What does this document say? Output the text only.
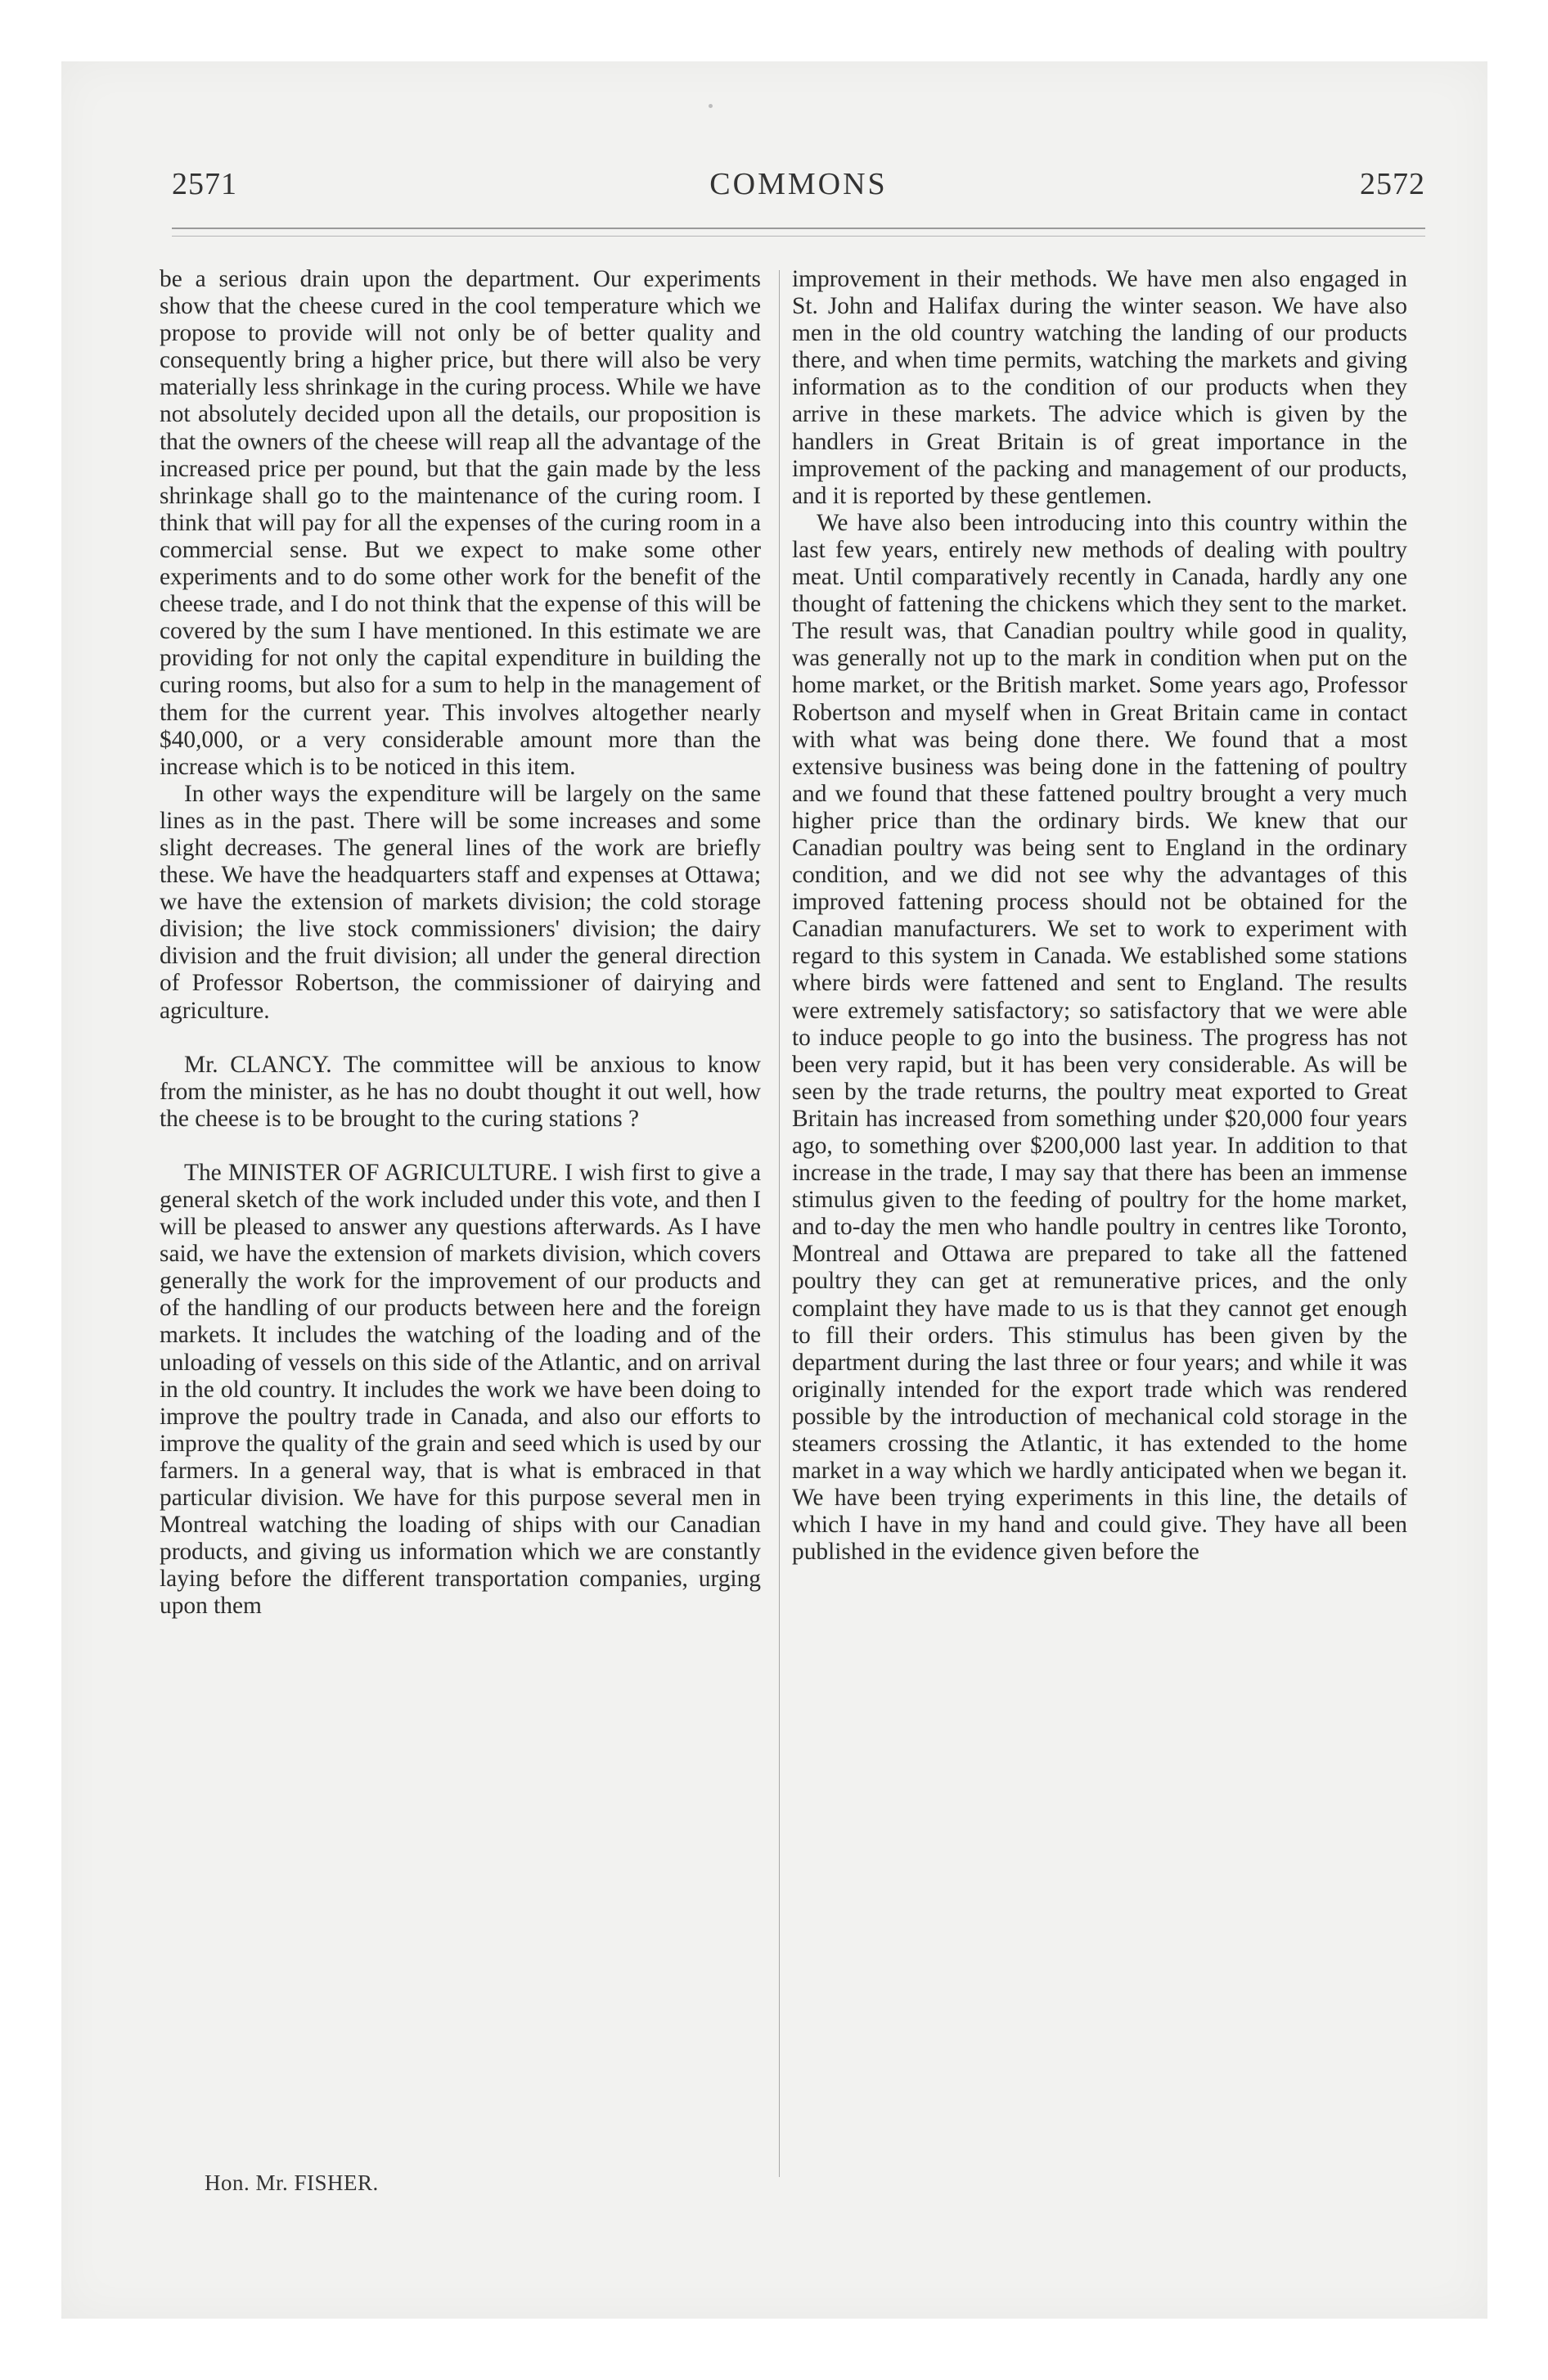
2571	COMMONS	2572

be a serious drain upon the department. Our experiments show that the cheese cured in the cool temperature which we propose to provide will not only be of better quality and consequently bring a higher price, but there will also be very materially less shrinkage in the curing process. While we have not absolutely decided upon all the details, our proposition is that the owners of the cheese will reap all the advantage of the increased price per pound, but that the gain made by the less shrinkage shall go to the maintenance of the curing room. I think that will pay for all the expenses of the curing room in a commercial sense. But we expect to make some other experiments and to do some other work for the benefit of the cheese trade, and I do not think that the expense of this will be covered by the sum I have mentioned. In this estimate we are providing for not only the capital expenditure in building the curing rooms, but also for a sum to help in the management of them for the current year. This involves altogether nearly $40,000, or a very considerable amount more than the increase which is to be noticed in this item.

In other ways the expenditure will be largely on the same lines as in the past. There will be some increases and some slight decreases. The general lines of the work are briefly these. We have the headquarters staff and expenses at Ottawa; we have the extension of markets division; the cold storage division; the live stock commissioners' division; the dairy division and the fruit division; all under the general direction of Professor Robertson, the commissioner of dairying and agriculture.

Mr. CLANCY. The committee will be anxious to know from the minister, as he has no doubt thought it out well, how the cheese is to be brought to the curing stations ?

The MINISTER OF AGRICULTURE. I wish first to give a general sketch of the work included under this vote, and then I will be pleased to answer any questions afterwards. As I have said, we have the extension of markets division, which covers generally the work for the improvement of our products and of the handling of our products between here and the foreign markets. It includes the watching of the loading and of the unloading of vessels on this side of the Atlantic, and on arrival in the old country. It includes the work we have been doing to improve the poultry trade in Canada, and also our efforts to improve the quality of the grain and seed which is used by our farmers. In a general way, that is what is embraced in that particular division. We have for this purpose several men in Montreal watching the loading of ships with our Canadian products, and giving us information which we are constantly laying before the different transportation companies, urging upon them

improvement in their methods. We have men also engaged in St. John and Halifax during the winter season. We have also men in the old country watching the landing of our products there, and when time permits, watching the markets and giving information as to the condition of our products when they arrive in these markets. The advice which is given by the handlers in Great Britain is of great importance in the improvement of the packing and management of our products, and it is reported by these gentlemen.

We have also been introducing into this country within the last few years, entirely new methods of dealing with poultry meat. Until comparatively recently in Canada, hardly any one thought of fattening the chickens which they sent to the market. The result was, that Canadian poultry while good in quality, was generally not up to the mark in condition when put on the home market, or the British market. Some years ago, Professor Robertson and myself when in Great Britain came in contact with what was being done there. We found that a most extensive business was being done in the fattening of poultry and we found that these fattened poultry brought a very much higher price than the ordinary birds. We knew that our Canadian poultry was being sent to England in the ordinary condition, and we did not see why the advantages of this improved fattening process should not be obtained for the Canadian manufacturers. We set to work to experiment with regard to this system in Canada. We established some stations where birds were fattened and sent to England. The results were extremely satisfactory; so satisfactory that we were able to induce people to go into the business. The progress has not been very rapid, but it has been very considerable. As will be seen by the trade returns, the poultry meat exported to Great Britain has increased from something under $20,000 four years ago, to something over $200,000 last year. In addition to that increase in the trade, I may say that there has been an immense stimulus given to the feeding of poultry for the home market, and to-day the men who handle poultry in centres like Toronto, Montreal and Ottawa are prepared to take all the fattened poultry they can get at remunerative prices, and the only complaint they have made to us is that they cannot get enough to fill their orders. This stimulus has been given by the department during the last three or four years; and while it was originally intended for the export trade which was rendered possible by the introduction of mechanical cold storage in the steamers crossing the Atlantic, it has extended to the home market in a way which we hardly anticipated when we began it. We have been trying experiments in this line, the details of which I have in my hand and could give. They have all been published in the evidence given before the

Hon. Mr. FISHER.
